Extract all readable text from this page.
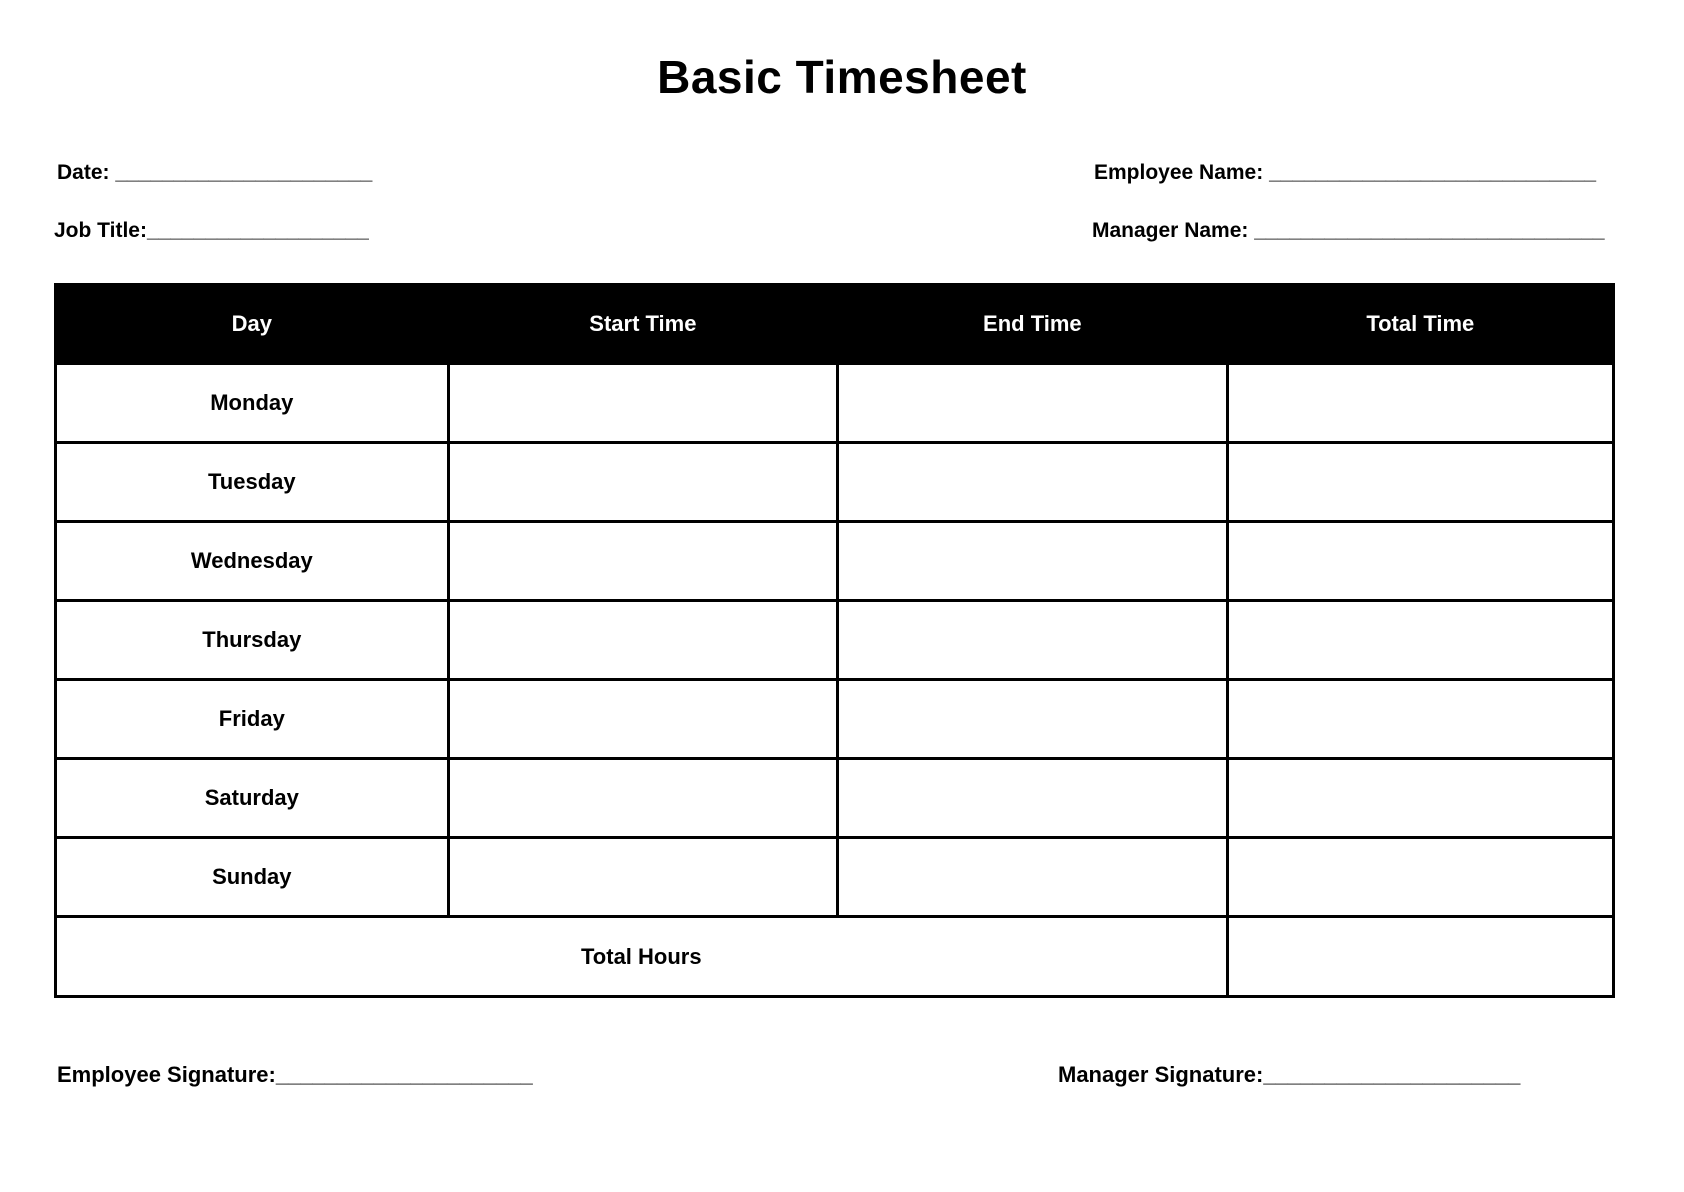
Basic Timesheet
Date: ______________________	Employee Name: ____________________________
Job Title:___________________	Manager Name: ______________________________
Day	Start Time	End Time	Total Time
Monday			
Tuesday			
Wednesday			
Thursday			
Friday			
Saturday			
Sunday			
Total Hours			
Employee Signature:_____________________	Manager Signature:_____________________
